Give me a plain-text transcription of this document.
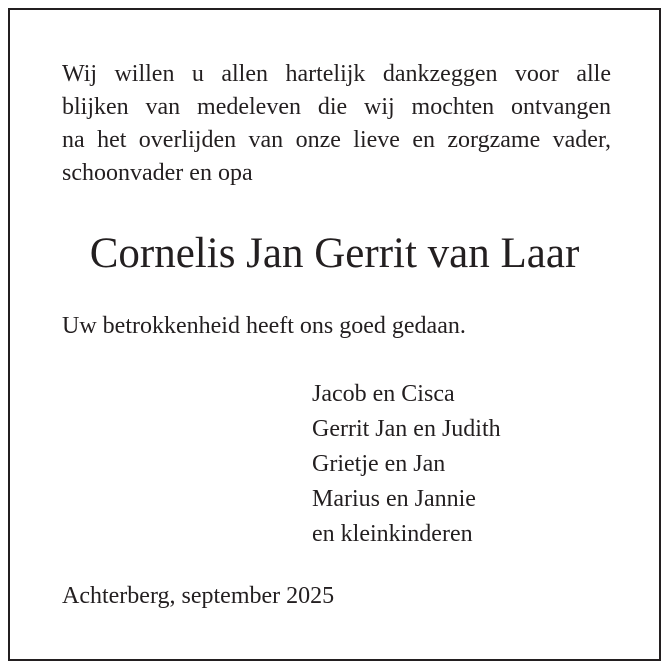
Wij willen u allen hartelijk dankzeggen voor alle
blijken van medeleven die wij mochten ontvangen
na het overlijden van onze lieve en zorgzame vader,
schoonvader en opa

Cornelis Jan Gerrit van Laar

Uw betrokkenheid heeft ons goed gedaan.

Jacob en Cisca
Gerrit Jan en Judith
Grietje en Jan
Marius en Jannie
en kleinkinderen

Achterberg, september 2025
